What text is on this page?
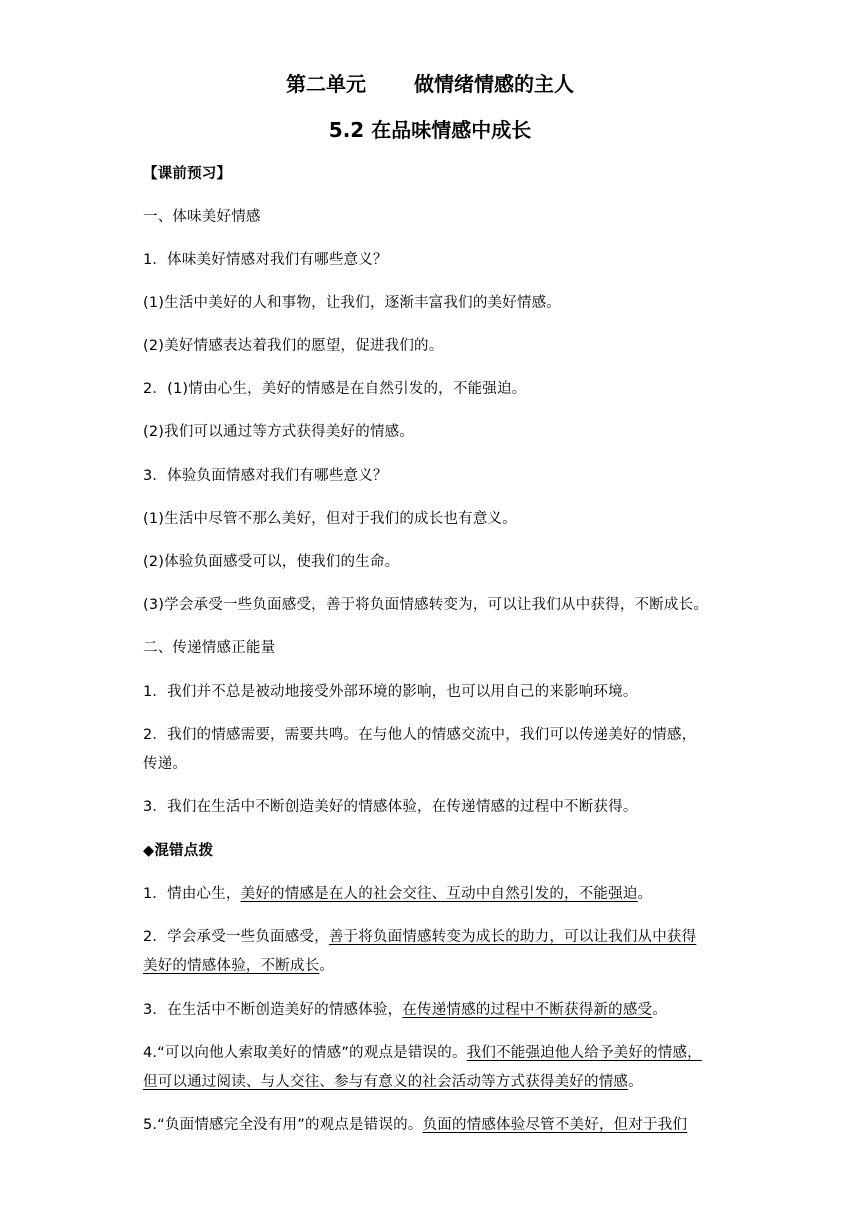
第二单元 做情绪情感的主人
5.2 在品味情感中成长
【课前预习】
一、体味美好情感
1．体味美好情感对我们有哪些意义？
(1)生活中美好的人和事物，让我们，逐渐丰富我们的美好情感。
(2)美好情感表达着我们的愿望，促进我们的。
2．(1)情由心生，美好的情感是在自然引发的，不能强迫。
(2)我们可以通过等方式获得美好的情感。
3．体验负面情感对我们有哪些意义？
(1)生活中尽管不那么美好，但对于我们的成长也有意义。
(2)体验负面感受可以，使我们的生命。
(3)学会承受一些负面感受，善于将负面情感转变为，可以让我们从中获得，不断成长。
二、传递情感正能量
1．我们并不总是被动地接受外部环境的影响，也可以用自己的来影响环境。
2．我们的情感需要，需要共鸣。在与他人的情感交流中，我们可以传递美好的情感，
传递。
3．我们在生活中不断创造美好的情感体验，在传递情感的过程中不断获得。
◆混错点拨
1．情由心生，美好的情感是在人的社会交往、互动中自然引发的，不能强迫。
2．学会承受一些负面感受，善于将负面情感转变为成长的助力，可以让我们从中获得
美好的情感体验，不断成长。
3．在生活中不断创造美好的情感体验，在传递情感的过程中不断获得新的感受。
4.“可以向他人索取美好的情感”的观点是错误的。我们不能强迫他人给予美好的情感，
但可以通过阅读、与人交往、参与有意义的社会活动等方式获得美好的情感。
5.“负面情感完全没有用”的观点是错误的。负面的情感体验尽管不美好，但对于我们
